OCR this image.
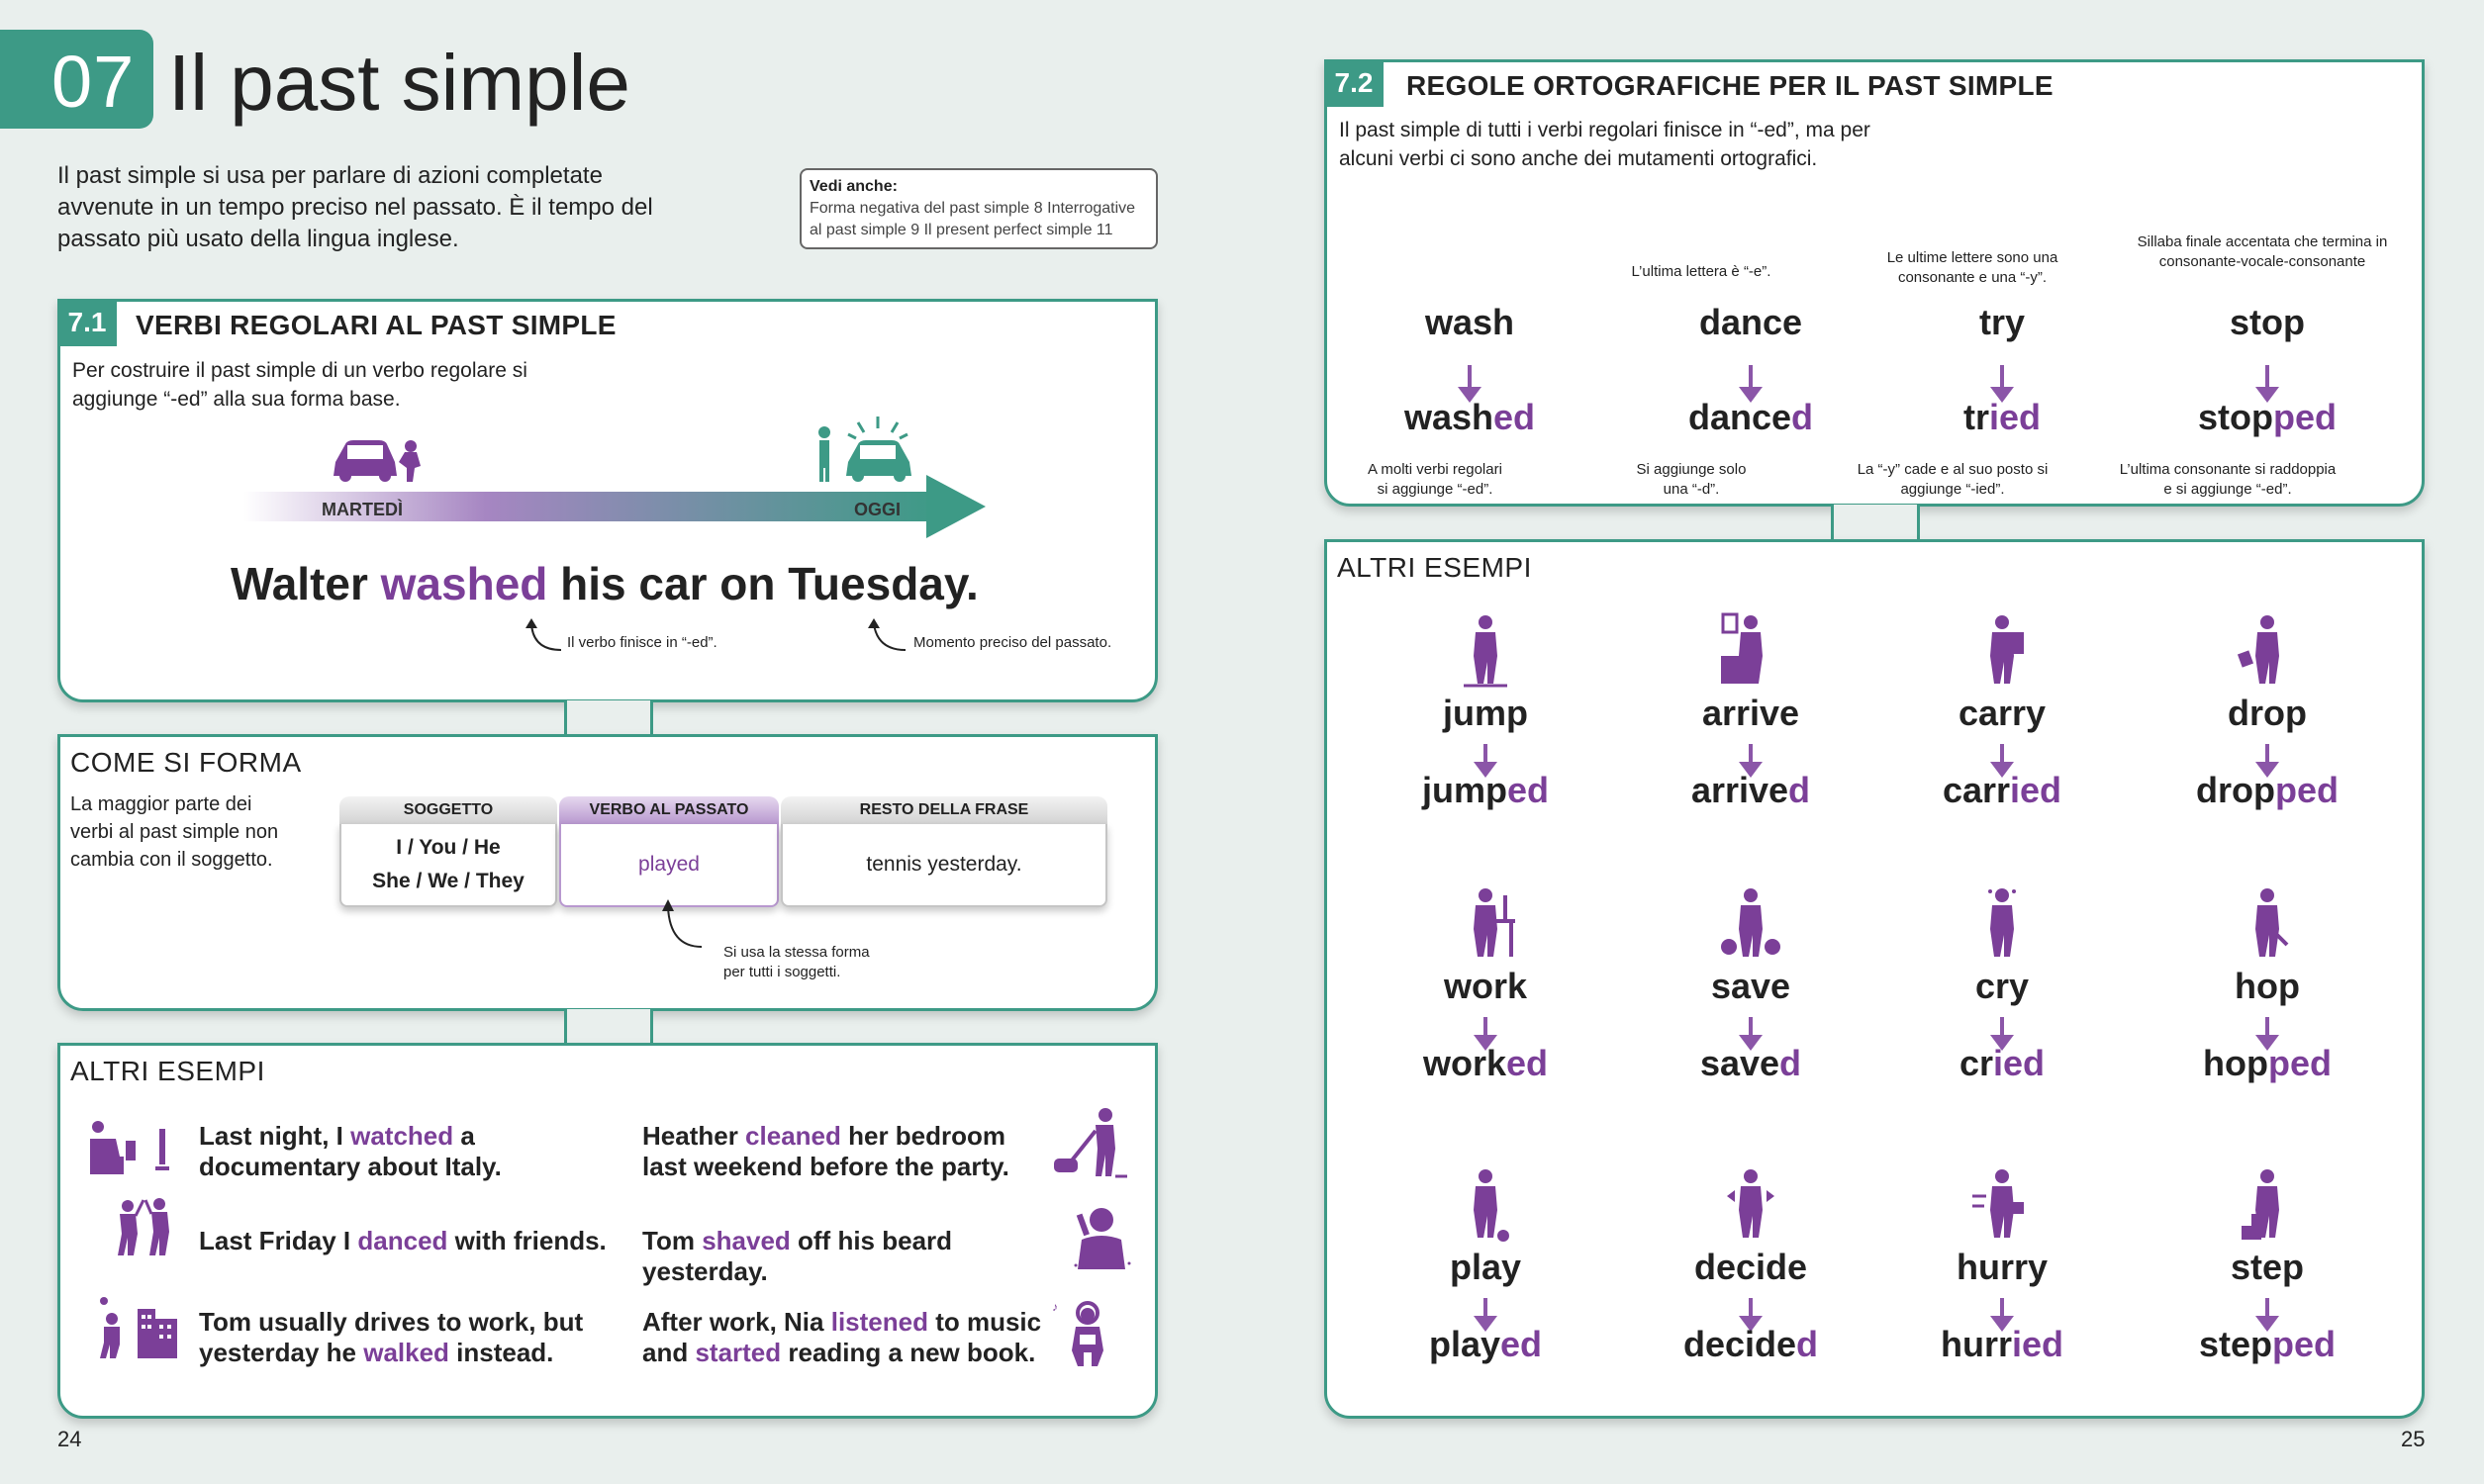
07 Il past simple
Il past simple si usa per parlare di azioni completate avvenute in un tempo preciso nel passato. È il tempo del passato più usato della lingua inglese.
Vedi anche:
Forma negativa del past simple 8 Interrogative
al past simple 9 Il present perfect simple 11
7.1	VERBI REGOLARI AL PAST SIMPLE
Per costruire il past simple di un verbo regolare si aggiunge “-ed” alla sua forma base.
MARTEDÌ	OGGI
Walter washed his car on Tuesday.
Il verbo finisce in “-ed”.	Momento preciso del passato.
COME SI FORMA
La maggior parte dei verbi al past simple non cambia con il soggetto.
SOGGETTO
I / You / He
She / We / They
VERBO AL PASSATO
played
RESTO DELLA FRASE
tennis yesterday.
Si usa la stessa forma per tutti i soggetti.
ALTRI ESEMPI
Last night, I watched a documentary about Italy.
Last Friday I danced with friends.
Tom usually drives to work, but yesterday he walked instead.
Heather cleaned her bedroom last weekend before the party.
Tom shaved off his beard yesterday.
After work, Nia listened to music and started reading a new book.
♪
24
7.2	REGOLE ORTOGRAFICHE PER IL PAST SIMPLE
Il past simple di tutti i verbi regolari finisce in “-ed”, ma per alcuni verbi ci sono anche dei mutamenti ortografici.
wash
washed
A molti verbi regolari si aggiunge “-ed”.
L’ultima lettera è “-e”.
dance
danced
Si aggiunge solo una “-d”.
Le ultime lettere sono una consonante e una “-y”.
try
tried
La “-y” cade e al suo posto si aggiunge “-ied”.
Sillaba finale accentata che termina in consonante-vocale-consonante
stop
stopped
L’ultima consonante si raddoppia e si aggiunge “-ed”.
ALTRI ESEMPI
jump
jumped
arrive
arrived
carry
carried
drop
dropped
work
worked
save
saved
cry
cried
hop
hopped
play
played
decide
decided
hurry
hurried
step
stepped
25
